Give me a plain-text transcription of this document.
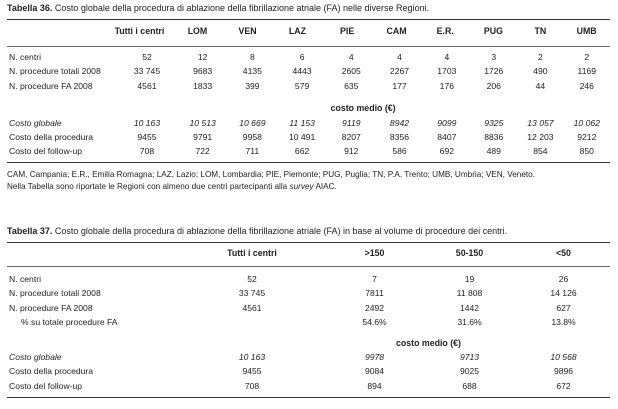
Tabella 36. Costo globale della procedura di ablazione della fibrillazione atriale (FA) nelle diverse Regioni.
	Tutti i centri	LOM	VEN	LAZ	PIE	CAM	E.R.	PUG	TN	UMB

N. centri	52	12	8	6	4	4	4	3	2	2
N. procedure totali 2008	33 745	9683	4135	4443	2605	2267	1703	1726	490	1169
N. procedure FA 2008	4561	1833	399	579	635	177	176	206	44	246

	costo medio (€)									
Costo globale	10 163	10 513	10 669	11 153	9119	8942	9099	9325	13 057	10 062
Costo della procedura	9455	9791	9958	10 491	8207	8356	8407	8836	12 203	9212
Costo del follow-up	708	722	711	662	912	586	692	489	854	850
CAM, Campania; E.R., Emilia Romagna; LAZ, Lazio; LOM, Lombardia; PIE, Piemonte; PUG, Puglia; TN, P.A. Trento; UMB, Umbria; VEN, Veneto.
Nella Tabella sono riportate le Regioni con almeno due centri partecipanti alla survey AIAC.
Tabella 37. Costo globale della procedura di ablazione della fibrillazione atriale (FA) in base al volume di procedure dei centri.
	Tutti i centri	>150	50-150	<50
N. centri	52	7	19	26
N. procedure totali 2008	33 745	7811	11 808	14 126
N. procedure FA 2008	4561	2492	1442	627
% su totale procedure FA		54.6%	31.6%	13.8%

	costo medio (€)			
Costo globale	10 163	9978	9713	10 568
Costo della procedura	9455	9084	9025	9896
Costo del follow-up	708	894	688	672
